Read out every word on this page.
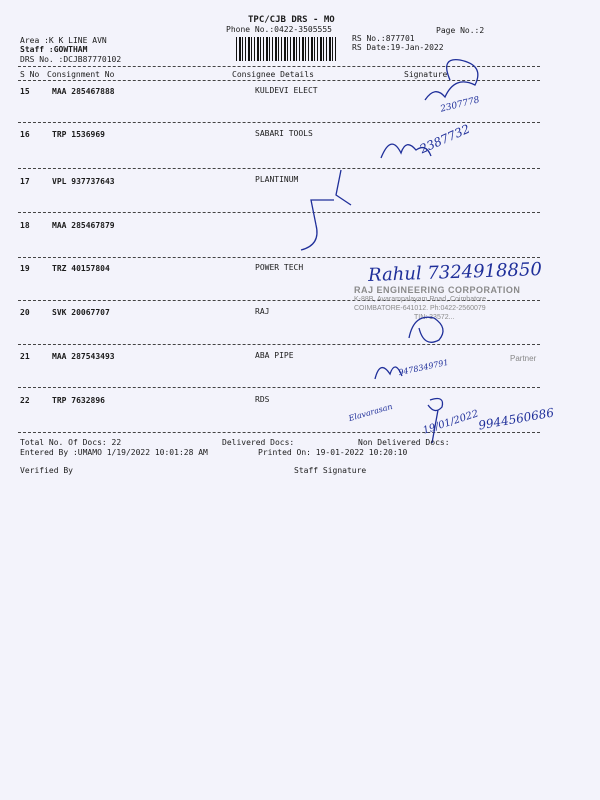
TPC/CJB DRS - MO
Phone No.:0422-3505555	Page No.:2
Area :K K LINE AVN
Staff :GOWTHAM
DRS No. :DCJB87770102
RS No.:877701
RS Date:19-Jan-2022
S No Consignment No	Consignee Details	Signature
15	MAA 285467888	KULDEVI ELECT
16	TRP 1536969	SABARI TOOLS
17	VPL 937737643	PLANTINUM
18	MAA 285467879
19	TRZ 40157804	POWER TECH
20	SVK 20067707	RAJ
21	MAA 287543493	ABA PIPE
22	TRP 7632896	RDS
2307778
2387732
Rahul 7324918850
RAJ ENGINEERING CORPORATION
K-88B, Avarampalayam Road, Coimbatore
COIMBATORE-641012. Ph:0422-2560079
TIN: 33572...
Partner
9478349791
Elavarasan	19/01/2022
9944560686
Total No. Of Docs: 22	Delivered Docs:	Non Delivered Docs:
Entered By :UMAMO 1/19/2022 10:01:28 AM	Printed On: 19-01-2022 10:20:10
Verified By	Staff Signature
